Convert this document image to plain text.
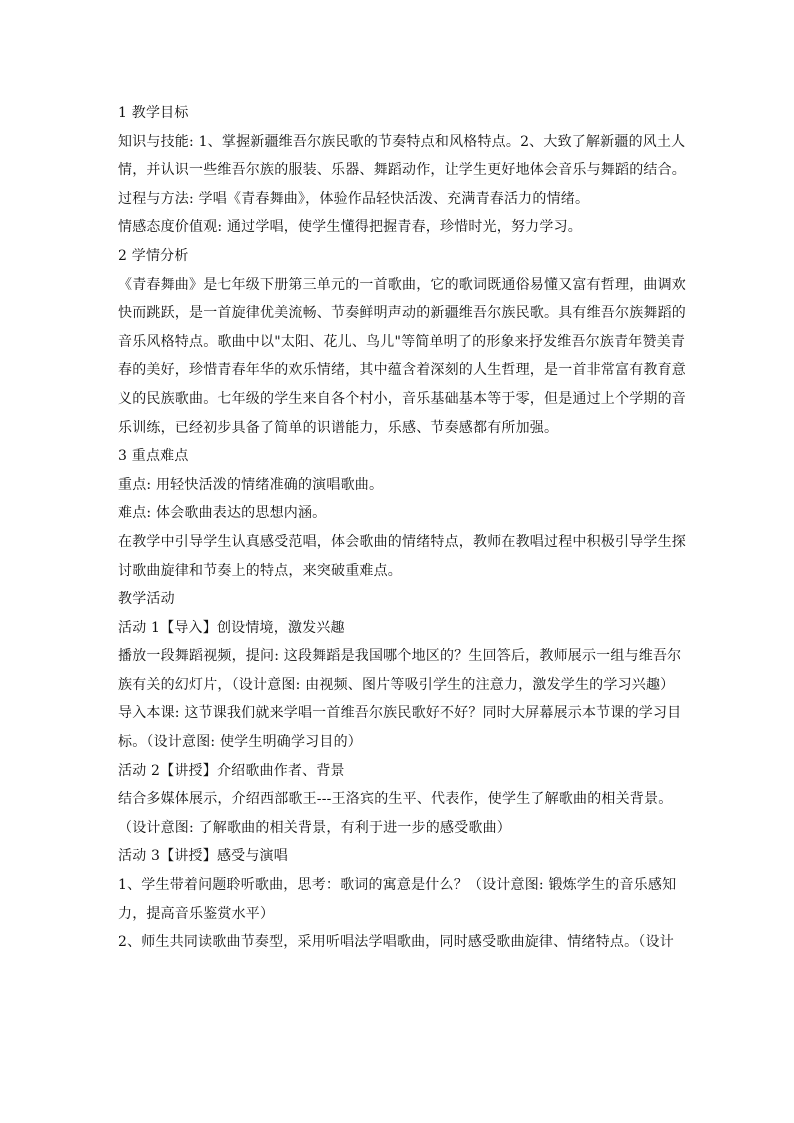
1 教学目标
知识与技能: 1、掌握新疆维吾尔族民歌的节奏特点和风格特点。2、大致了解新疆的风土人
情，并认识一些维吾尔族的服装、乐器、舞蹈动作，让学生更好地体会音乐与舞蹈的结合。
过程与方法: 学唱《青春舞曲》，体验作品轻快活泼、充满青春活力的情绪。
情感态度价值观: 通过学唱，使学生懂得把握青春，珍惜时光，努力学习。
2 学情分析
《青春舞曲》是七年级下册第三单元的一首歌曲，它的歌词既通俗易懂又富有哲理，曲调欢
快而跳跃，是一首旋律优美流畅、节奏鲜明声动的新疆维吾尔族民歌。具有维吾尔族舞蹈的
音乐风格特点。歌曲中以"太阳、花儿、鸟儿"等简单明了的形象来抒发维吾尔族青年赞美青
春的美好，珍惜青春年华的欢乐情绪，其中蕴含着深刻的人生哲理，是一首非常富有教育意
义的民族歌曲。七年级的学生来自各个村小，音乐基础基本等于零，但是通过上个学期的音
乐训练，已经初步具备了简单的识谱能力，乐感、节奏感都有所加强。
3 重点难点
重点: 用轻快活泼的情绪准确的演唱歌曲。
难点: 体会歌曲表达的思想内涵。
在教学中引导学生认真感受范唱，体会歌曲的情绪特点，教师在教唱过程中积极引导学生探
讨歌曲旋律和节奏上的特点，来突破重难点。
教学活动
活动 1【导入】创设情境，激发兴趣
播放一段舞蹈视频，提问: 这段舞蹈是我国哪个地区的？生回答后，教师展示一组与维吾尔
族有关的幻灯片，（设计意图: 由视频、图片等吸引学生的注意力，激发学生的学习兴趣）
导入本课: 这节课我们就来学唱一首维吾尔族民歌好不好？同时大屏幕展示本节课的学习目
标。（设计意图: 使学生明确学习目的）
活动 2【讲授】介绍歌曲作者、背景
结合多媒体展示，介绍西部歌王---王洛宾的生平、代表作，使学生了解歌曲的相关背景。
（设计意图: 了解歌曲的相关背景，有利于进一步的感受歌曲）
活动 3【讲授】感受与演唱
1、学生带着问题聆听歌曲，思考：歌词的寓意是什么？（设计意图: 锻炼学生的音乐感知
力，提高音乐鉴赏水平）
2、师生共同读歌曲节奏型，采用听唱法学唱歌曲，同时感受歌曲旋律、情绪特点。（设计
